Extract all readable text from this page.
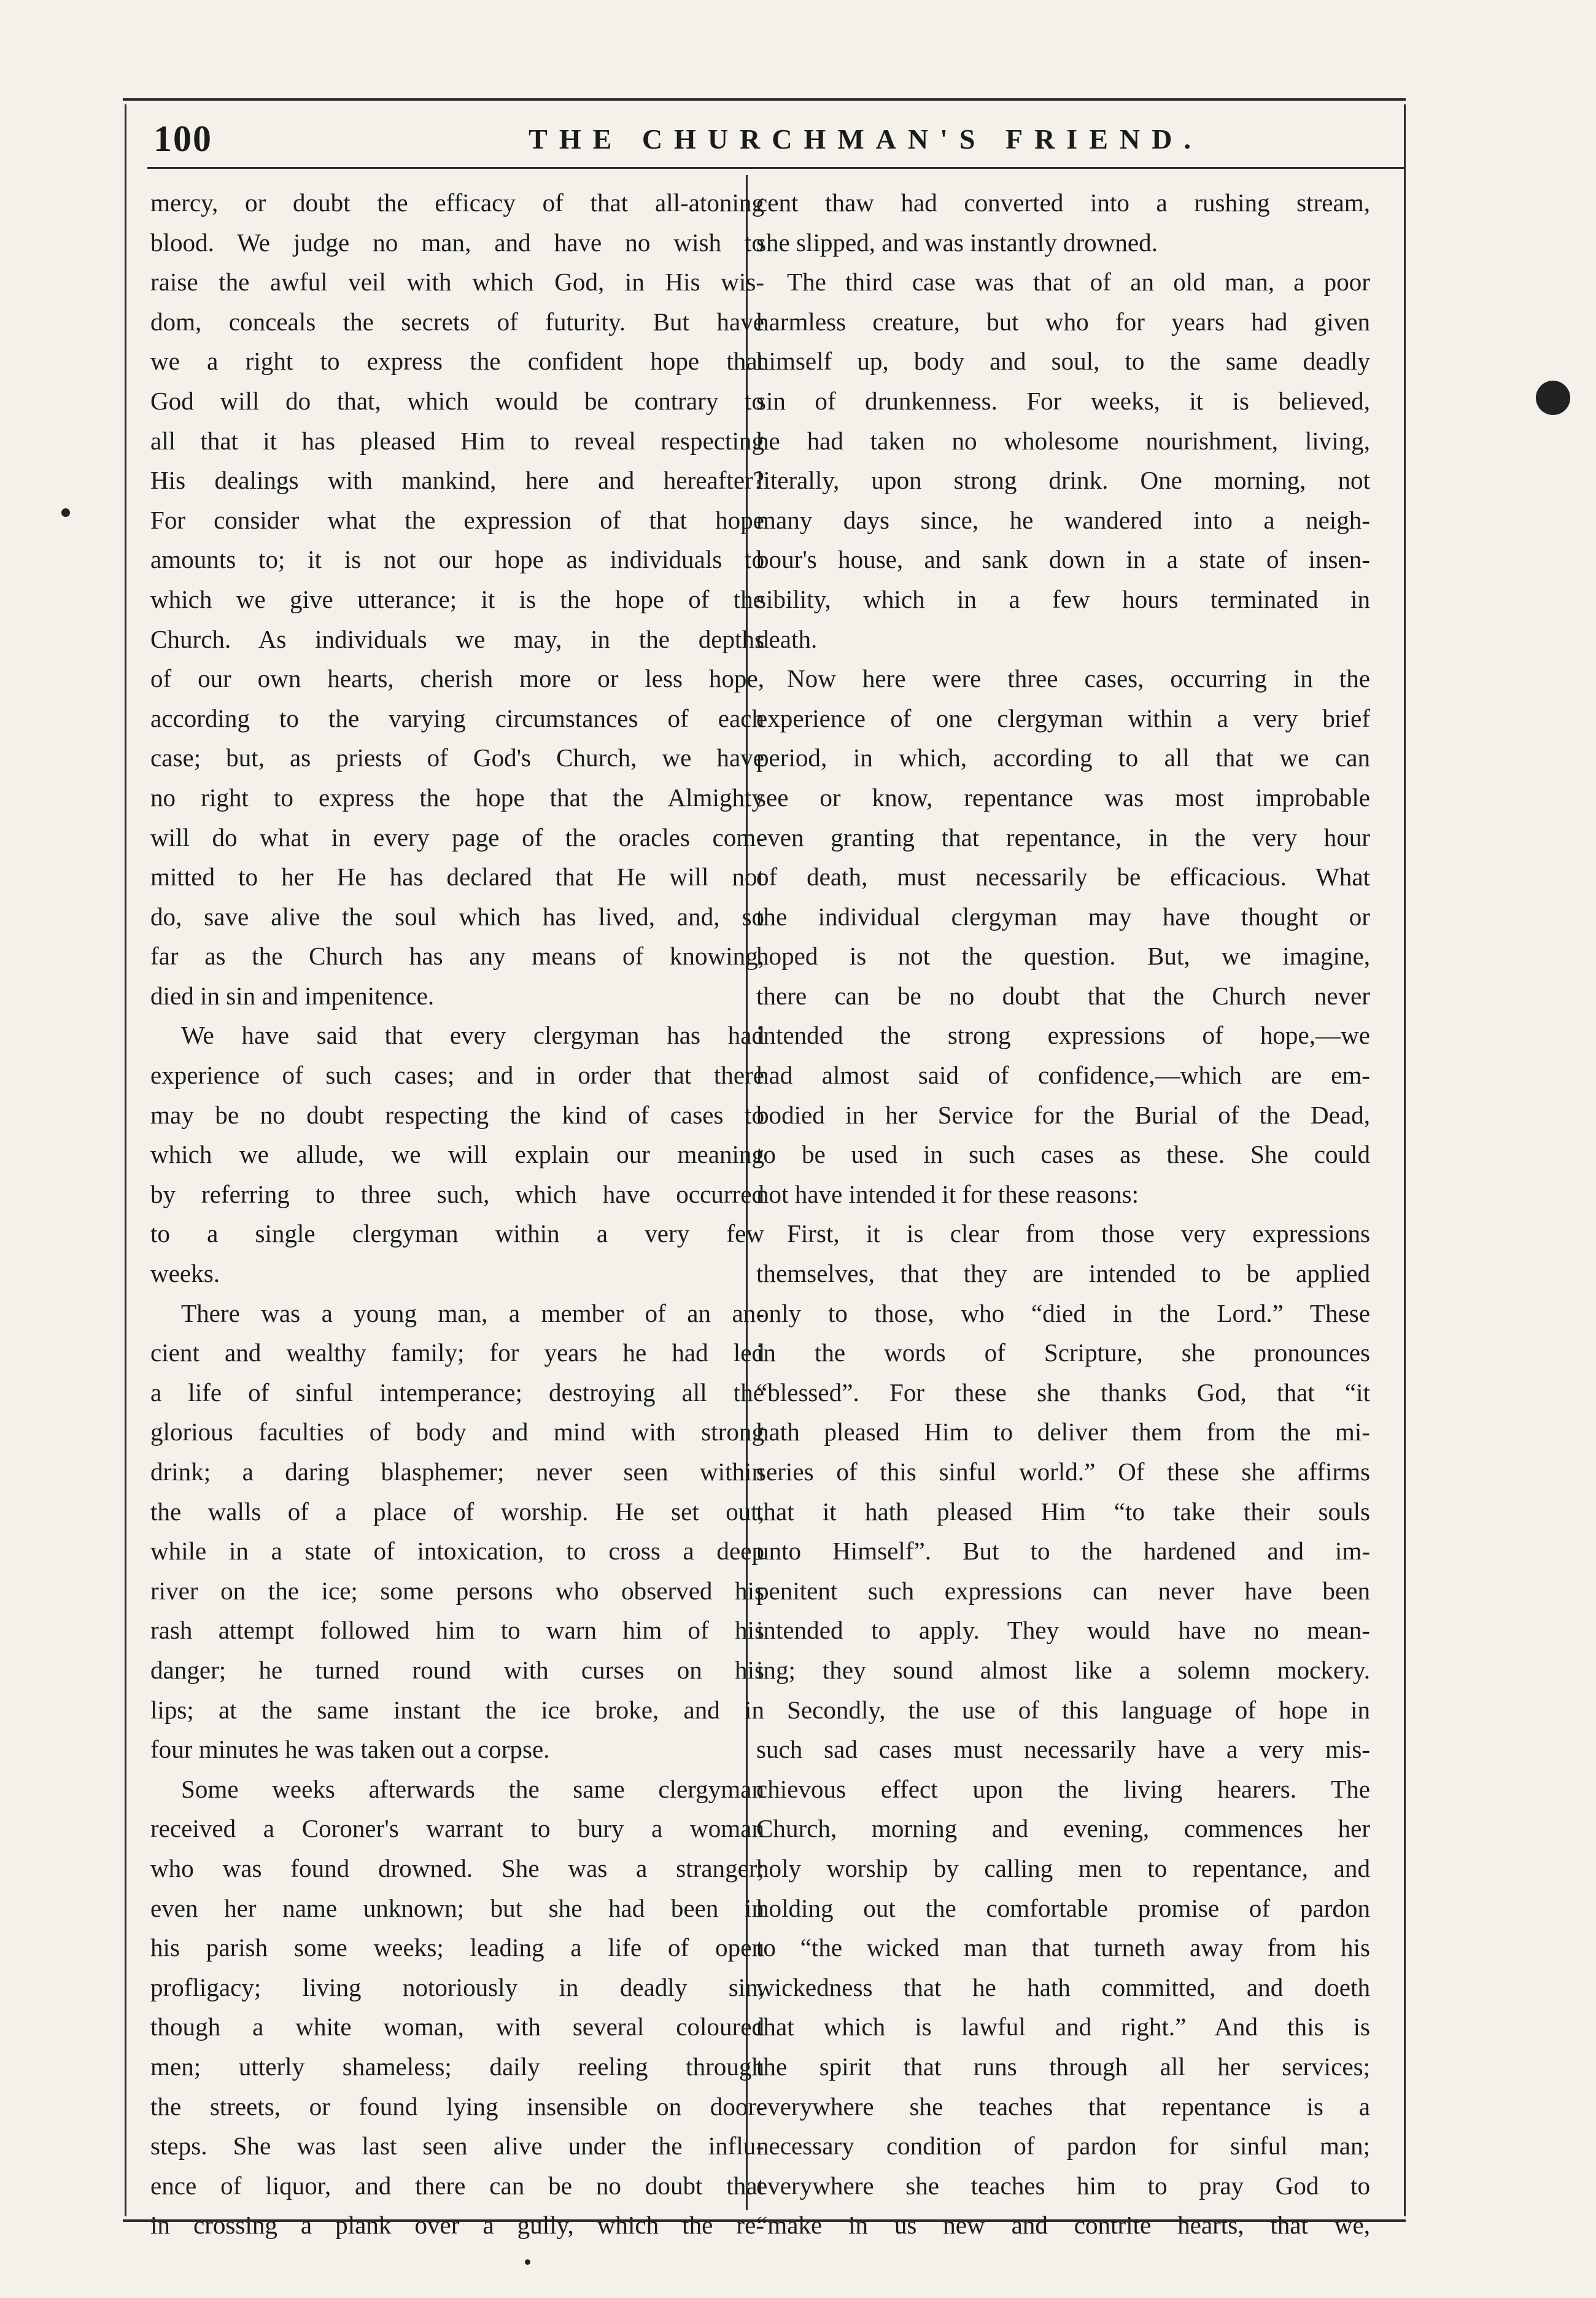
100	THE CHURCHMAN'S FRIEND.
mercy, or doubt the efficacy of that all-atoning
blood. We judge no man, and have no wish to
raise the awful veil with which God, in His wis-
dom, conceals the secrets of futurity. But have
we a right to express the confident hope that
God will do that, which would be contrary to
all that it has pleased Him to reveal respecting
His dealings with mankind, here and hereafter?
For consider what the expression of that hope
amounts to; it is not our hope as individuals to
which we give utterance; it is the hope of the
Church. As individuals we may, in the depths
of our own hearts, cherish more or less hope,
according to the varying circumstances of each
case; but, as priests of God's Church, we have
no right to express the hope that the Almighty
will do what in every page of the oracles com-
mitted to her He has declared that He will not
do, save alive the soul which has lived, and, so
far as the Church has any means of knowing,
died in sin and impenitence.
We have said that every clergyman has had
experience of such cases; and in order that there
may be no doubt respecting the kind of cases to
which we allude, we will explain our meaning
by referring to three such, which have occurred
to a single clergyman within a very few
weeks.
There was a young man, a member of an an-
cient and wealthy family; for years he had led
a life of sinful intemperance; destroying all the
glorious faculties of body and mind with strong
drink; a daring blasphemer; never seen within
the walls of a place of worship. He set out,
while in a state of intoxication, to cross a deep
river on the ice; some persons who observed his
rash attempt followed him to warn him of his
danger; he turned round with curses on his
lips; at the same instant the ice broke, and in
four minutes he was taken out a corpse.
Some weeks afterwards the same clergyman
received a Coroner's warrant to bury a woman
who was found drowned. She was a stranger;
even her name unknown; but she had been in
his parish some weeks; leading a life of open
profligacy; living notoriously in deadly sin,
though a white woman, with several coloured
men; utterly shameless; daily reeling through
the streets, or found lying insensible on door-
steps. She was last seen alive under the influ-
ence of liquor, and there can be no doubt that
in crossing a plank over a gully, which the re-
cent thaw had converted into a rushing stream,
she slipped, and was instantly drowned.
The third case was that of an old man, a poor
harmless creature, but who for years had given
himself up, body and soul, to the same deadly
sin of drunkenness. For weeks, it is believed,
he had taken no wholesome nourishment, living,
literally, upon strong drink. One morning, not
many days since, he wandered into a neigh-
bour's house, and sank down in a state of insen-
sibility, which in a few hours terminated in
death.
Now here were three cases, occurring in the
experience of one clergyman within a very brief
period, in which, according to all that we can
see or know, repentance was most improbable
even granting that repentance, in the very hour
of death, must necessarily be efficacious. What
the individual clergyman may have thought or
hoped is not the question. But, we imagine,
there can be no doubt that the Church never
intended the strong expressions of hope,—we
had almost said of confidence,—which are em-
bodied in her Service for the Burial of the Dead,
to be used in such cases as these. She could
not have intended it for these reasons:
First, it is clear from those very expressions
themselves, that they are intended to be applied
only to those, who “died in the Lord.” These
in the words of Scripture, she pronounces
“blessed”. For these she thanks God, that “it
hath pleased Him to deliver them from the mi-
series of this sinful world.” Of these she affirms
that it hath pleased Him “to take their souls
unto Himself”. But to the hardened and im-
penitent such expressions can never have been
intended to apply. They would have no mean-
ing; they sound almost like a solemn mockery.
Secondly, the use of this language of hope in
such sad cases must necessarily have a very mis-
chievous effect upon the living hearers. The
Church, morning and evening, commences her
holy worship by calling men to repentance, and
holding out the comfortable promise of pardon
to “the wicked man that turneth away from his
wickedness that he hath committed, and doeth
that which is lawful and right.” And this is
the spirit that runs through all her services;
everywhere she teaches that repentance is a
necessary condition of pardon for sinful man;
everywhere she teaches him to pray God to
“make in us new and contrite hearts, that we,
